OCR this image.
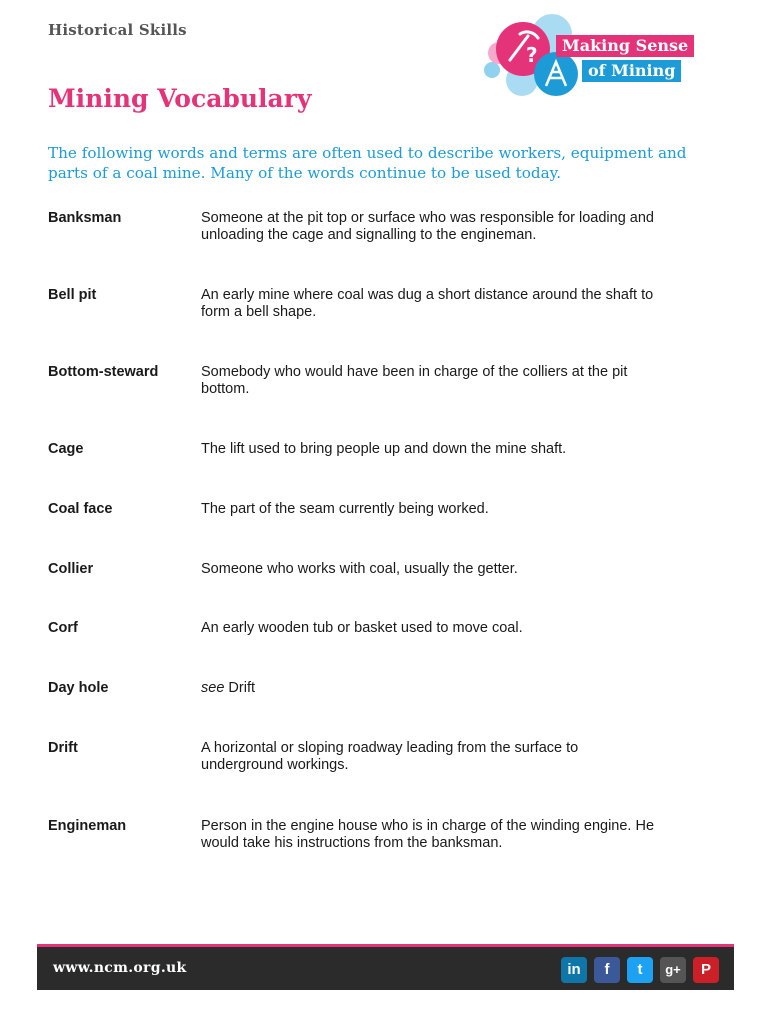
Historical Skills
?	Making Sense
of Mining
Mining Vocabulary

The following words and terms are often used to describe workers, equipment and parts of a coal mine. Many of the words continue to be used today.

Banksman	Someone at the pit top or surface who was responsible for loading and unloading the cage and signalling to the engineman.
Bell pit	An early mine where coal was dug a short distance around the shaft to form a bell shape.
Bottom-steward	Somebody who would have been in charge of the colliers at the pit bottom.
Cage	The lift used to bring people up and down the mine shaft.
Coal face	The part of the seam currently being worked.
Collier	Someone who works with coal, usually the getter.
Corf	An early wooden tub or basket used to move coal.
Day hole	see Drift
Drift	A horizontal or sloping roadway leading from the surface to underground workings.
Engineman	Person in the engine house who is in charge of the winding engine. He would take his instructions from the banksman.
www.ncm.org.uk	in	f	t	g+	P
